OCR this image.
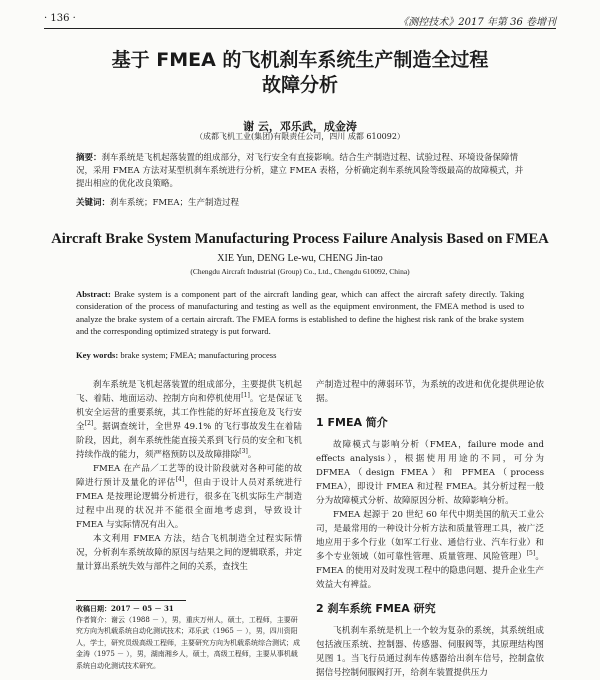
· 136 ·	《测控技术》2017 年第 36 卷增刊
基于 FMEA 的飞机刹车系统生产制造全过程
故障分析
谢 云，邓乐武，成金涛
（成都飞机工业(集团)有限责任公司，四川 成都 610092）
摘要：刹车系统是飞机起落装置的组成部分，对飞行安全有直接影响。结合生产制造过程、试验过程、环境设备保障情况，采用 FMEA 方法对某型机刹车系统进行分析，建立 FMEA 表格，分析确定刹车系统风险等级最高的故障模式，并提出相应的优化改良策略。
关键词：刹车系统；FMEA；生产制造过程
Aircraft Brake System Manufacturing Process Failure Analysis Based on FMEA
XIE Yun, DENG Le-wu, CHENG Jin-tao
(Chengdu Aircraft Industrial (Group) Co., Ltd., Chengdu 610092, China)
Abstract: Brake system is a component part of the aircraft landing gear, which can affect the aircraft safety directly. Taking consideration of the process of manufacturing and testing as well as the equipment environment, the FMEA method is used to analyze the brake system of a certain aircraft. The FMEA forms is established to define the highest risk rank of the brake system and the corresponding optimized strategy is put forward.
Key words: brake system; FMEA; manufacturing process

刹车系统是飞机起落装置的组成部分，主要提供飞机起飞、着陆、地面运动、控制方向和停机使用[1]。它是保证飞机安全运营的重要系统，其工作性能的好坏直接危及飞行安全[2]。据调查统计，全世界 49.1% 的飞行事故发生在着陆阶段，因此，刹车系统性能直接关系到飞行员的安全和飞机持续作战的能力，须严格预防以及故障排除[3]。

FMEA 在产品／工艺等的设计阶段就对各种可能的故障进行预计及量化的评估[4]，但由于设计人员对系统进行 FMEA 是按理论逻辑分析进行，很多在飞机实际生产制造过程中出现的状况并不能很全面地考虑到，导致设计 FMEA 与实际情况有出入。

本文利用 FMEA 方法，结合飞机制造全过程实际情况，分析刹车系统故障的原因与结果之间的逻辑联系，并定量计算出系统失效与部件之间的关系，查找生

收稿日期：2017 － 05 － 31
作者简介：谢云（1988 － ），男，重庆万州人，硕士，工程师，主要研究方向为机载系统自动化测试技术；邓乐武（1965 － ），男，四川资阳人，学士，研究员级高级工程师，主要研究方向为机载系统综合测试；成金涛（1975 － ），男，湖南湘乡人，硕士，高级工程师，主要从事机载系统自动化测试技术研究。

产制造过程中的薄弱环节，为系统的改进和优化提供理论依据。

1 FMEA 简介

故障模式与影响分析（FMEA，failure mode and effects analysis），根据使用用途的不同，可分为 DFMEA（design FMEA）和 PFMEA（process FMEA），即设计 FMEA 和过程 FMEA。其分析过程一般分为故障模式分析、故障原因分析、故障影响分析。

FMEA 起源于 20 世纪 60 年代中期美国的航天工业公司，是最常用的一种设计分析方法和质量管理工具，被广泛地应用于多个行业（如军工行业、通信行业、汽车行业）和多个专业领域（如可靠性管理、质量管理、风险管理）[5]。FMEA 的使用对及时发现工程中的隐患问题、提升企业生产效益大有裨益。

2 刹车系统 FMEA 研究

飞机刹车系统是机上一个较为复杂的系统，其系统组成包括液压系统、控制器、传感器、伺服阀等，其原理结构图见图 1。当飞行员通过刹车传感器给出刹车信号，控制盒依据信号控制伺服阀打开，给刹车装置提供压力
